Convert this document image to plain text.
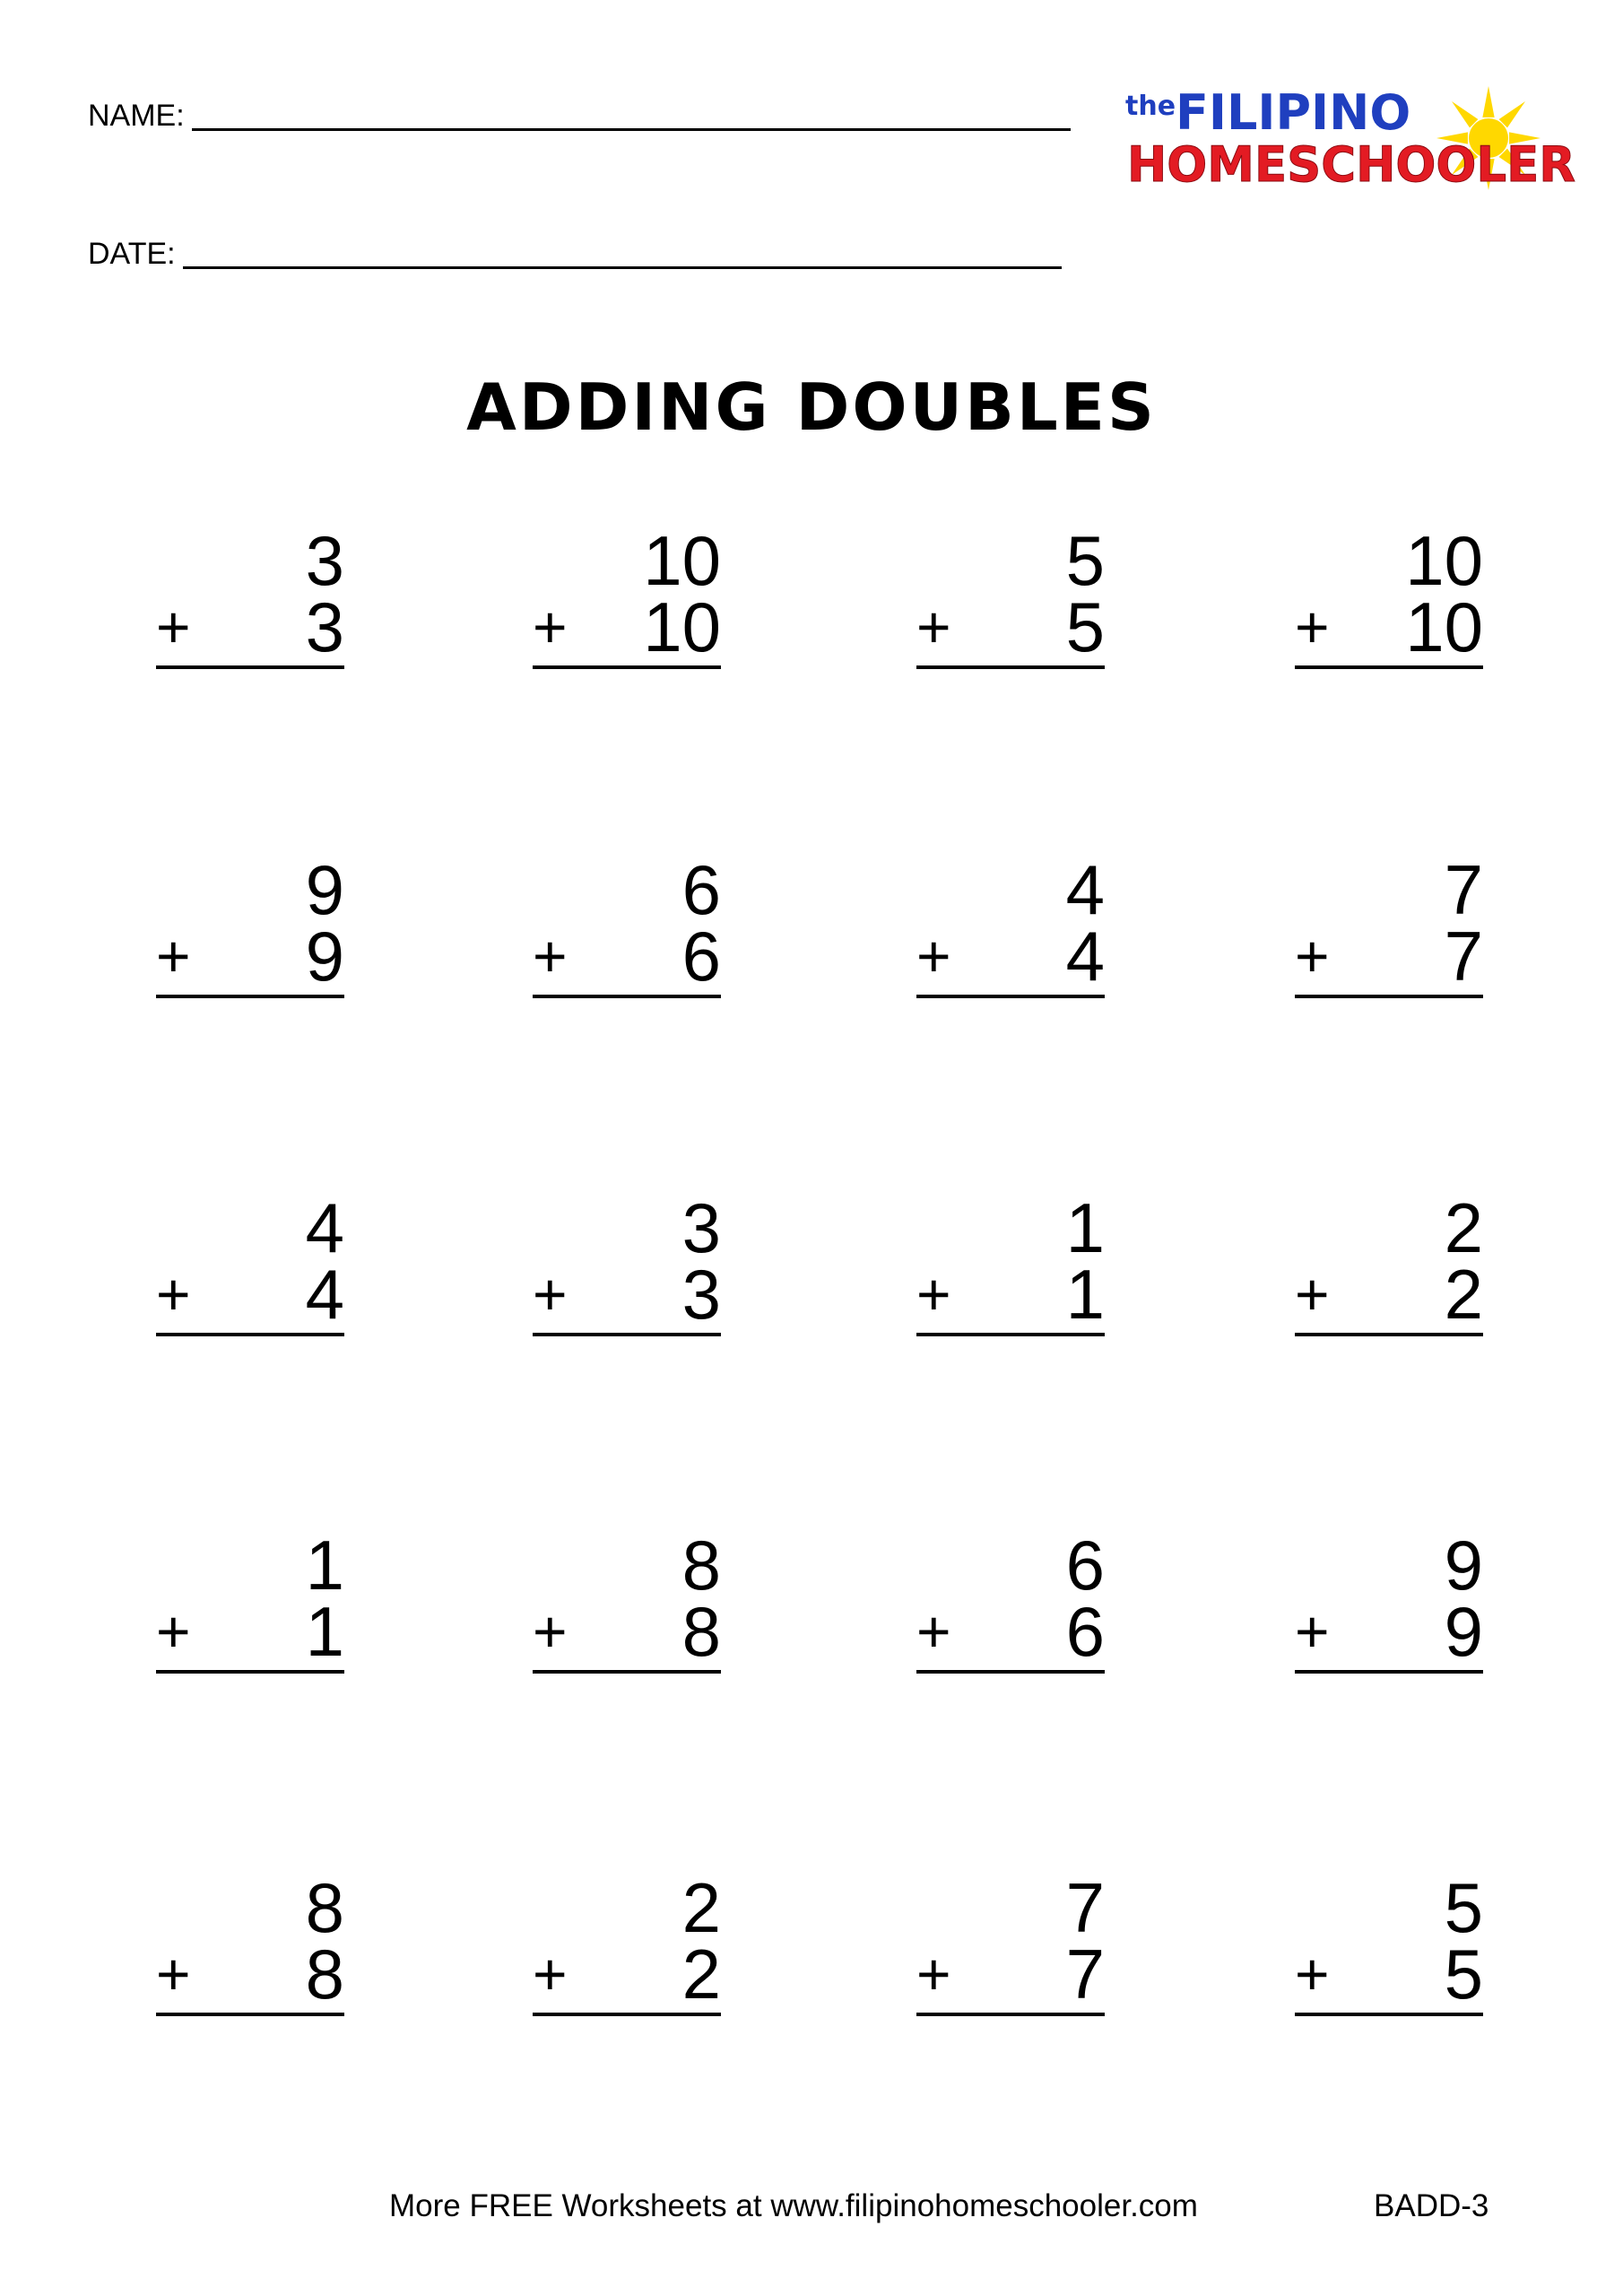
NAME:
DATE:
the FILIPINO
HOMESCHOOLER
ADDING DOUBLES
3
+ 3
10
+ 10
5
+ 5
10
+ 10
9
+ 9
6
+ 6
4
+ 4
7
+ 7
4
+ 4
3
+ 3
1
+ 1
2
+ 2
1
+ 1
8
+ 8
6
+ 6
9
+ 9
8
+ 8
2
+ 2
7
+ 7
5
+ 5
More FREE Worksheets at www.filipinohomeschooler.com	BADD-3
